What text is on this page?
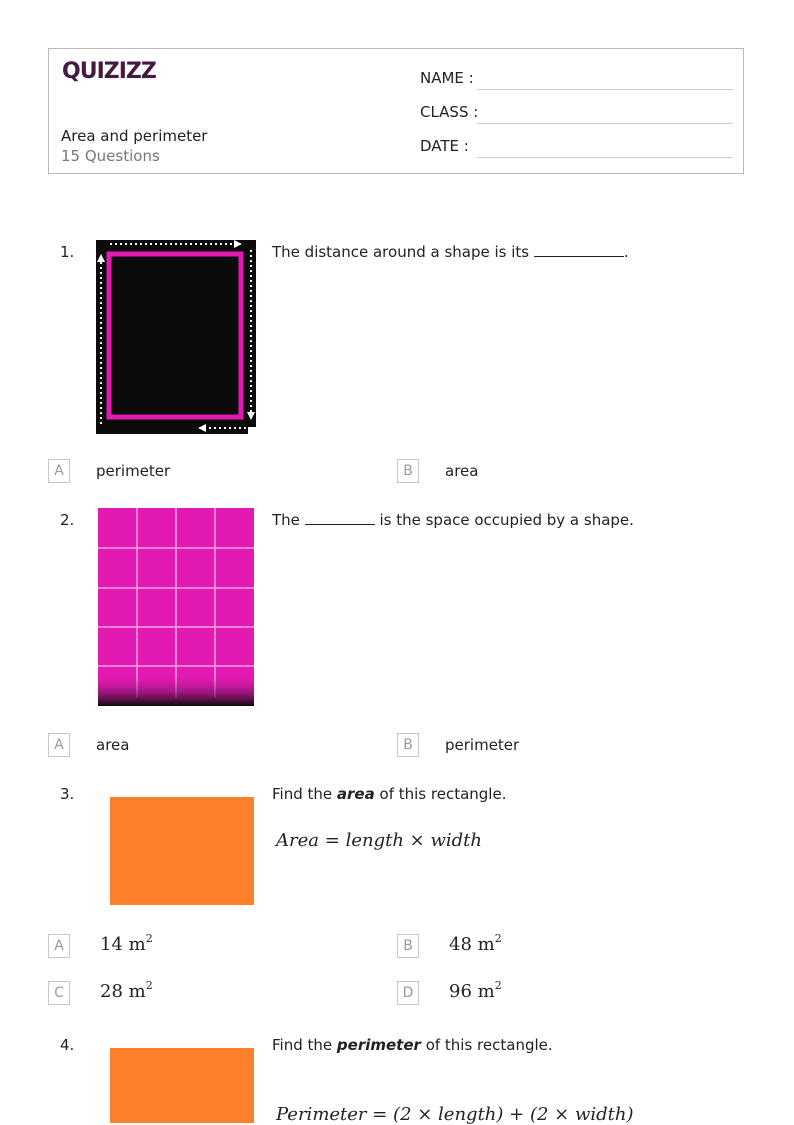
QUIZIZZ
Area and perimeter
15 Questions
NAME :
CLASS :
DATE :
1.	The distance around a shape is its	.
A	perimeter	B	area
2.	The	is the space occupied by a shape.
A	area	B	perimeter
3.	Find the area of this rectangle.
Area = length × width
A	14 $m^2$	B	48 $m^2$
C	28 $m^2$	D	96 $m^2$
4.	Find the perimeter of this rectangle.
Perimeter = (2 × length) + (2 × width)
